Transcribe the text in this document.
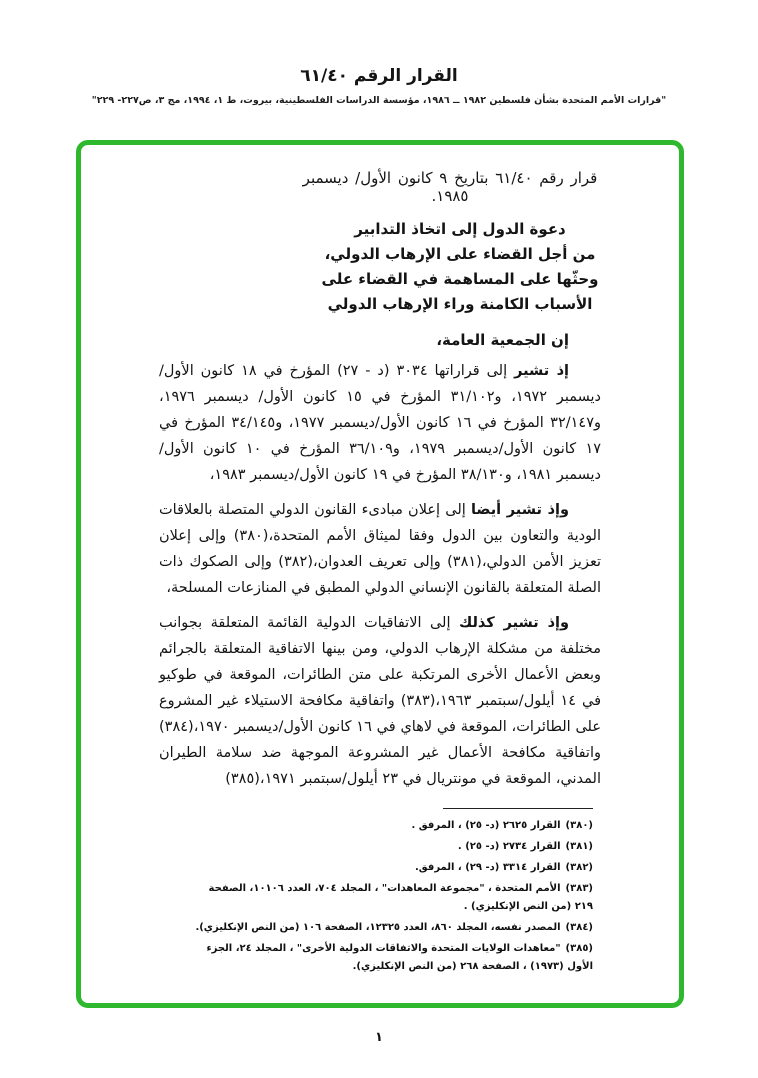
القرار الرقم ٦١/٤٠
"قرارات الأمم المتحدة بشأن فلسطين ١٩٨٢ ــ ١٩٨٦، مؤسسة الدراسات الفلسطينية، بيروت، ط ١، ١٩٩٤، مج ٣، ص٢٢٧- ٢٢٩"

قرار رقم ٦١/٤٠ بتاريخ ٩ كانون الأول/ ديسمبر ١٩٨٥.

دعوة الدول إلى اتخاذ التدابير
من أجل القضاء على الإرهاب الدولي،
وحثّها على المساهمة في القضاء على
الأسباب الكامنة وراء الإرهاب الدولي

إن الجمعية العامة،

إذ تشير إلى قراراتها ٣٠٣٤ (د - ٢٧) المؤرخ في ١٨ كانون الأول/ديسمبر ١٩٧٢، و٣١/١٠٢ المؤرخ في ١٥ كانون الأول/ ديسمبر ١٩٧٦، و٣٢/١٤٧ المؤرخ في ١٦ كانون الأول/ديسمبر ١٩٧٧، و٣٤/١٤٥ المؤرخ في ١٧ كانون الأول/ديسمبر ١٩٧٩، و٣٦/١٠٩ المؤرخ في ١٠ كانون الأول/ديسمبر ١٩٨١، و٣٨/١٣٠ المؤرخ في ١٩ كانون الأول/ديسمبر ١٩٨٣،

وإذ تشير أيضا إلى إعلان مبادىء القانون الدولي المتصلة بالعلاقات الودية والتعاون بين الدول وفقا لميثاق الأمم المتحدة،(٣٨٠) وإلى إعلان تعزيز الأمن الدولي،(٣٨١) وإلى تعريف العدوان،(٣٨٢) وإلى الصكوك ذات الصلة المتعلقة بالقانون الإنساني الدولي المطبق في المنازعات المسلحة،

وإذ تشير كذلك إلى الاتفاقيات الدولية القائمة المتعلقة بجوانب مختلفة من مشكلة الإرهاب الدولي، ومن بينها الاتفاقية المتعلقة بالجرائم وبعض الأعمال الأخرى المرتكبة على متن الطائرات، الموقعة في طوكيو في ١٤ أيلول/سبتمبر ١٩٦٣،(٣٨٣) واتفاقية مكافحة الاستيلاء غير المشروع على الطائرات، الموقعة في لاهاي في ١٦ كانون الأول/ديسمبر ١٩٧٠،(٣٨٤) واتفاقية مكافحة الأعمال غير المشروعة الموجهة ضد سلامة الطيران المدني، الموقعة في مونتريال في ٢٣ أيلول/سبتمبر ١٩٧١،(٣٨٥)

(٣٨٠)القرار ٢٦٢٥ (د- ٢٥) ، المرفق .

(٣٨١)القرار ٢٧٣٤ (د- ٢٥) .

(٣٨٢)القرار ٣٣١٤ (د- ٢٩) ، المرفق.

(٣٨٣)الأمم المتحدة ، "مجموعة المعاهدات" ، المجلد ٧٠٤، العدد ١٠١٠٦، الصفحة ٢١٩ (من النص الإنكليزي) .

(٣٨٤)المصدر نفسه، المجلد ٨٦٠، العدد ١٢٣٢٥، الصفحة ١٠٦ (من النص الإنكليزي).

(٣٨٥)"معاهدات الولايات المتحدة والاتفاقات الدولية الأخرى" ، المجلد ٢٤، الجزء الأول (١٩٧٣) ، الصفحة ٢٦٨ (من النص الإنكليزي).

١
